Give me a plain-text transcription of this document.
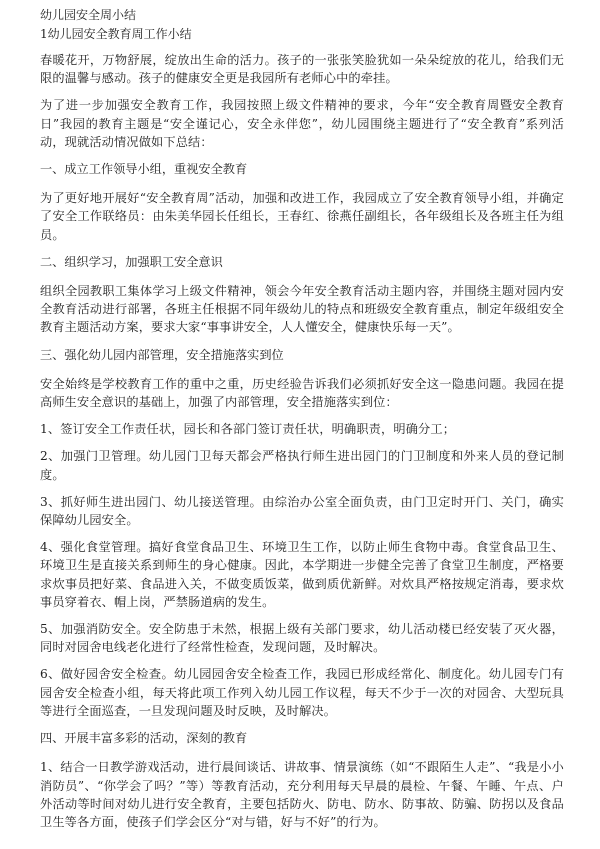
幼儿园安全周小结

1幼儿园安全教育周工作小结

春暖花开，万物舒展，绽放出生命的活力。孩子的一张张笑脸犹如一朵朵绽放的花儿，给我们无限的温馨与感动。孩子的健康安全更是我园所有老师心中的牵挂。

为了进一步加强安全教育工作，我园按照上级文件精神的要求，今年“安全教育周暨安全教育日”我园的教育主题是“安全谨记心，安全永伴您”，幼儿园围绕主题进行了“安全教育”系列活动，现就活动情况做如下总结：

一、成立工作领导小组，重视安全教育

为了更好地开展好“安全教育周”活动，加强和改进工作，我园成立了安全教育领导小组，并确定了安全工作联络员：由朱美华园长任组长，王春红、徐燕任副组长，各年级组长及各班主任为组员。

二、组织学习，加强职工安全意识

组织全园教职工集体学习上级文件精神，领会今年安全教育活动主题内容，并围绕主题对园内安全教育活动进行部署，各班主任根据不同年级幼儿的特点和班级安全教育重点，制定年级组安全教育主题活动方案，要求大家“事事讲安全，人人懂安全，健康快乐每一天”。

三、强化幼儿园内部管理，安全措施落实到位

安全始终是学校教育工作的重中之重，历史经验告诉我们必须抓好安全这一隐患问题。我园在提高师生安全意识的基础上，加强了内部管理，安全措施落实到位：

1、签订安全工作责任状，园长和各部门签订责任状，明确职责，明确分工；

2、加强门卫管理。幼儿园门卫每天都会严格执行师生进出园门的门卫制度和外来人员的登记制度。

3、抓好师生进出园门、幼儿接送管理。由综治办公室全面负责，由门卫定时开门、关门，确实保障幼儿园安全。

4、强化食堂管理。搞好食堂食品卫生、环境卫生工作，以防止师生食物中毒。食堂食品卫生、环境卫生是直接关系到师生的身心健康。因此，本学期进一步健全完善了食堂卫生制度，严格要求炊事员把好菜、食品进入关，不做变质饭菜，做到质优新鲜。对炊具严格按规定消毒，要求炊事员穿着衣、帽上岗，严禁肠道病的发生。

5、加强消防安全。安全防患于未然，根据上级有关部门要求，幼儿活动楼已经安装了灭火器，同时对园舍电线老化进行了经常性检查，发现问题，及时解决。

6、做好园舍安全检查。幼儿园园舍安全检查工作，我园已形成经常化、制度化。幼儿园专门有园舍安全检查小组，每天将此项工作列入幼儿园工作议程，每天不少于一次的对园舍、大型玩具等进行全面巡查，一旦发现问题及时反映，及时解决。

四、开展丰富多彩的活动，深刻的教育

1、结合一日教学游戏活动，进行晨间谈话、讲故事、情景演练（如“不跟陌生人走”、“我是小小消防员”、“你学会了吗？”等）等教育活动，充分利用每天早晨的晨检、午餐、午睡、午点、户外活动等时间对幼儿进行安全教育，主要包括防火、防电、防水、防事故、防骗、防拐以及食品卫生等各方面，使孩子们学会区分“对与错，好与不好”的行为。
